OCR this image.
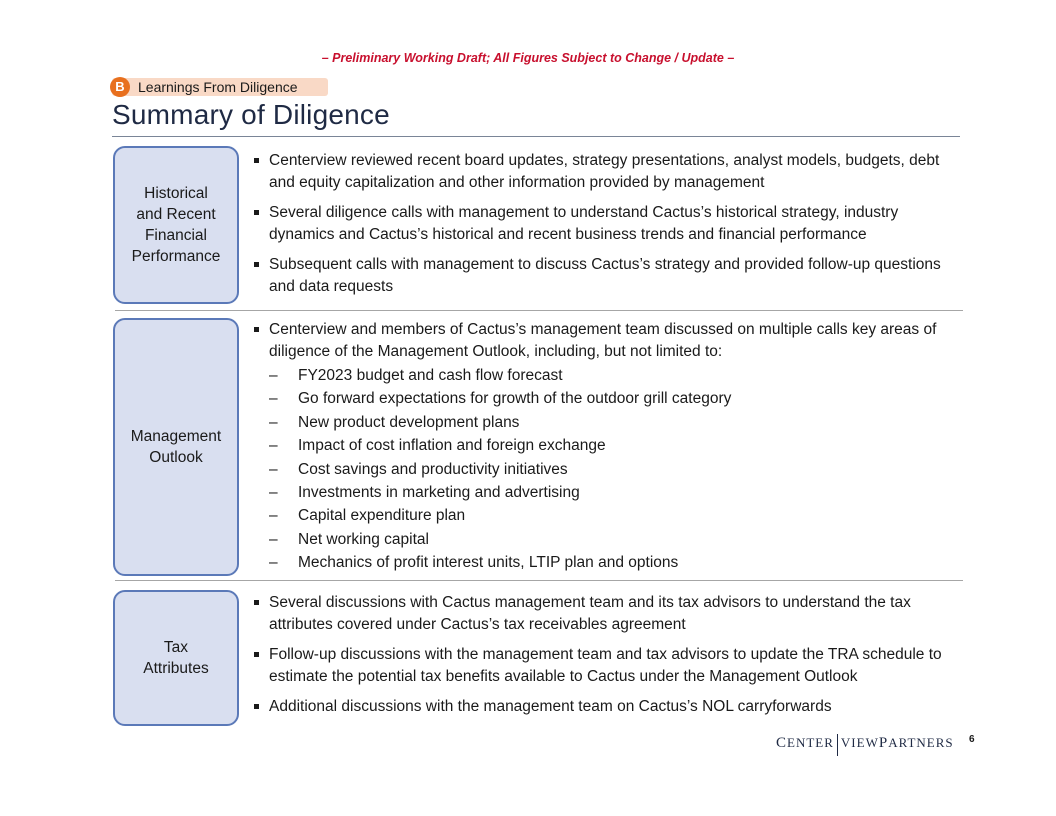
– Preliminary Working Draft; All Figures Subject to Change / Update –
B Learnings From Diligence
Summary of Diligence
Historical
and Recent
Financial
Performance
Centerview reviewed recent board updates, strategy presentations, analyst models, budgets, debt and equity capitalization and other information provided by management
Several diligence calls with management to understand Cactus’s historical strategy, industry dynamics and Cactus’s historical and recent business trends and financial performance
Subsequent calls with management to discuss Cactus’s strategy and provided follow-up questions and data requests
Management
Outlook
Centerview and members of Cactus’s management team discussed on multiple calls key areas of diligence of the Management Outlook, including, but not limited to:
– FY2023 budget and cash flow forecast
– Go forward expectations for growth of the outdoor grill category
– New product development plans
– Impact of cost inflation and foreign exchange
– Cost savings and productivity initiatives
– Investments in marketing and advertising
– Capital expenditure plan
– Net working capital
– Mechanics of profit interest units, LTIP plan and options
Tax
Attributes
Several discussions with Cactus management team and its tax advisors to understand the tax attributes covered under Cactus’s tax receivables agreement
Follow-up discussions with the management team and tax advisors to update the TRA schedule to estimate the potential tax benefits available to Cactus under the Management Outlook
Additional discussions with the management team on Cactus’s NOL carryforwards
C ENTER V IEW P ARTNERS 6
